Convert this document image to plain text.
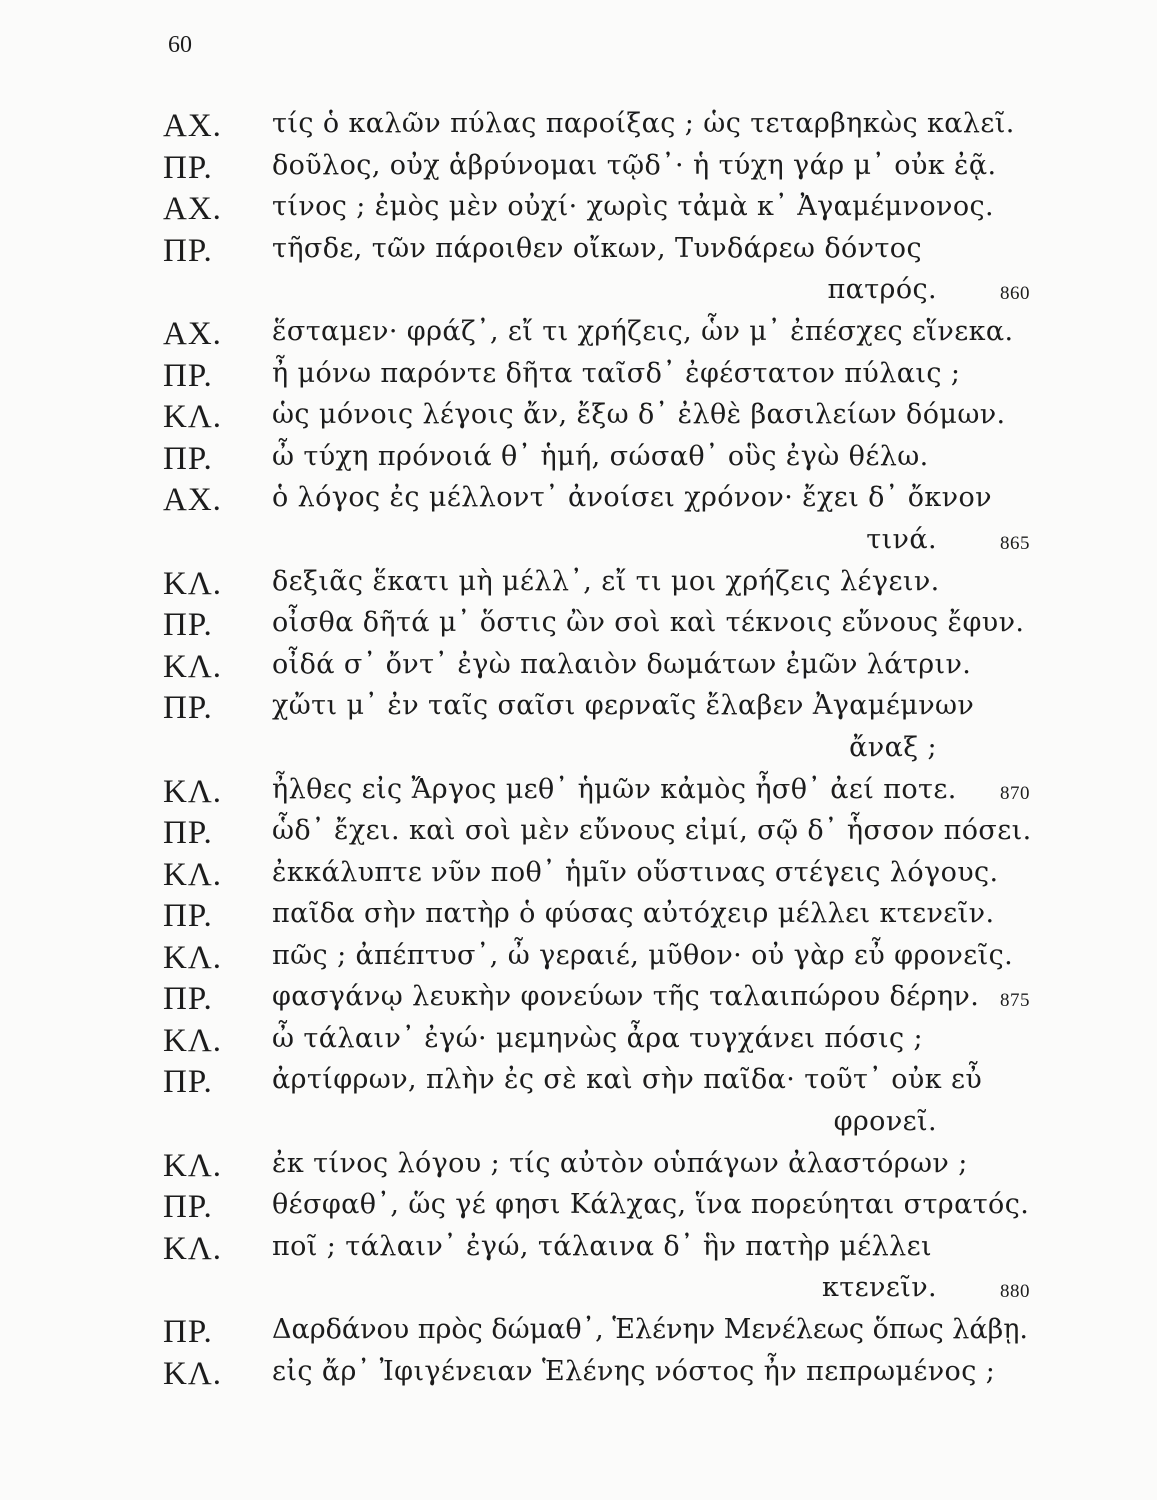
60
ΑΧ. τίς ὁ καλῶν πύλας παροίξας ; ὡς τεταρβηκὼς καλεῖ.
ΠΡ. δοῦλος, οὐχ ἁβρύνομαι τῷδ᾽· ἡ τύχη γάρ μ᾽ οὐκ ἐᾷ.
ΑΧ. τίνος ; ἐμὸς μὲν οὐχί· χωρὶς τἀμὰ κ᾽ Ἀγαμέμνονος.
ΠΡ. τῆσδε, τῶν πάροιθεν οἴκων, Τυνδάρεω δόντος
πατρός.	860
ΑΧ. ἕσταμεν· φράζ᾽, εἴ τι χρήζεις, ὧν μ᾽ ἐπέσχες εἵνεκα.
ΠΡ. ἦ μόνω παρόντε δῆτα ταῖσδ᾽ ἐφέστατον πύλαις ;
ΚΛ. ὡς μόνοις λέγοις ἄν, ἔξω δ᾽ ἐλθὲ βασιλείων δόμων.
ΠΡ. ὦ τύχη πρόνοιά θ᾽ ἡμή, σώσαθ᾽ οὓς ἐγὼ θέλω.
ΑΧ. ὁ λόγος ἐς μέλλοντ᾽ ἀνοίσει χρόνον· ἔχει δ᾽ ὄκνον
τινά.	865
ΚΛ. δεξιᾶς ἕκατι μὴ μέλλ᾽, εἴ τι μοι χρήζεις λέγειν.
ΠΡ. οἶσθα δῆτά μ᾽ ὅστις ὢν σοὶ καὶ τέκνοις εὔνους ἔφυν.
ΚΛ. οἶδά σ᾽ ὄντ᾽ ἐγὼ παλαιὸν δωμάτων ἐμῶν λάτριν.
ΠΡ. χὤτι μ᾽ ἐν ταῖς σαῖσι φερναῖς ἔλαβεν Ἀγαμέμνων
ἄναξ ;
ΚΛ. ἦλθες εἰς Ἄργος μεθ᾽ ἡμῶν κἀμὸς ἦσθ᾽ ἀεί ποτε. 870
ΠΡ. ὧδ᾽ ἔχει. καὶ σοὶ μὲν εὔνους εἰμί, σῷ δ᾽ ἧσσον πόσει.
ΚΛ. ἐκκάλυπτε νῦν ποθ᾽ ἡμῖν οὕστινας στέγεις λόγους.
ΠΡ. παῖδα σὴν πατὴρ ὁ φύσας αὐτόχειρ μέλλει κτενεῖν.
ΚΛ. πῶς ; ἀπέπτυσ᾽, ὦ γεραιέ, μῦθον· οὐ γὰρ εὖ φρονεῖς.
ΠΡ. φασγάνῳ λευκὴν φονεύων τῆς ταλαιπώρου δέρην. 875
ΚΛ. ὦ τάλαιν᾽ ἐγώ· μεμηνὼς ἆρα τυγχάνει πόσις ;
ΠΡ. ἀρτίφρων, πλὴν ἐς σὲ καὶ σὴν παῖδα· τοῦτ᾽ οὐκ εὖ
φρονεῖ.
ΚΛ. ἐκ τίνος λόγου ; τίς αὐτὸν οὑπάγων ἀλαστόρων ;
ΠΡ. θέσφαθ᾽, ὥς γέ φησι Κάλχας, ἵνα πορεύηται στρατός.
ΚΛ. ποῖ ; τάλαιν᾽ ἐγώ, τάλαινα δ᾽ ἣν πατὴρ μέλλει
κτενεῖν.	880
ΠΡ. Δαρδάνου πρὸς δώμαθ᾽, Ἑλένην Μενέλεως ὅπως λάβῃ.
ΚΛ. εἰς ἄρ᾽ Ἰφιγένειαν Ἑλένης νόστος ἦν πεπρωμένος ;
